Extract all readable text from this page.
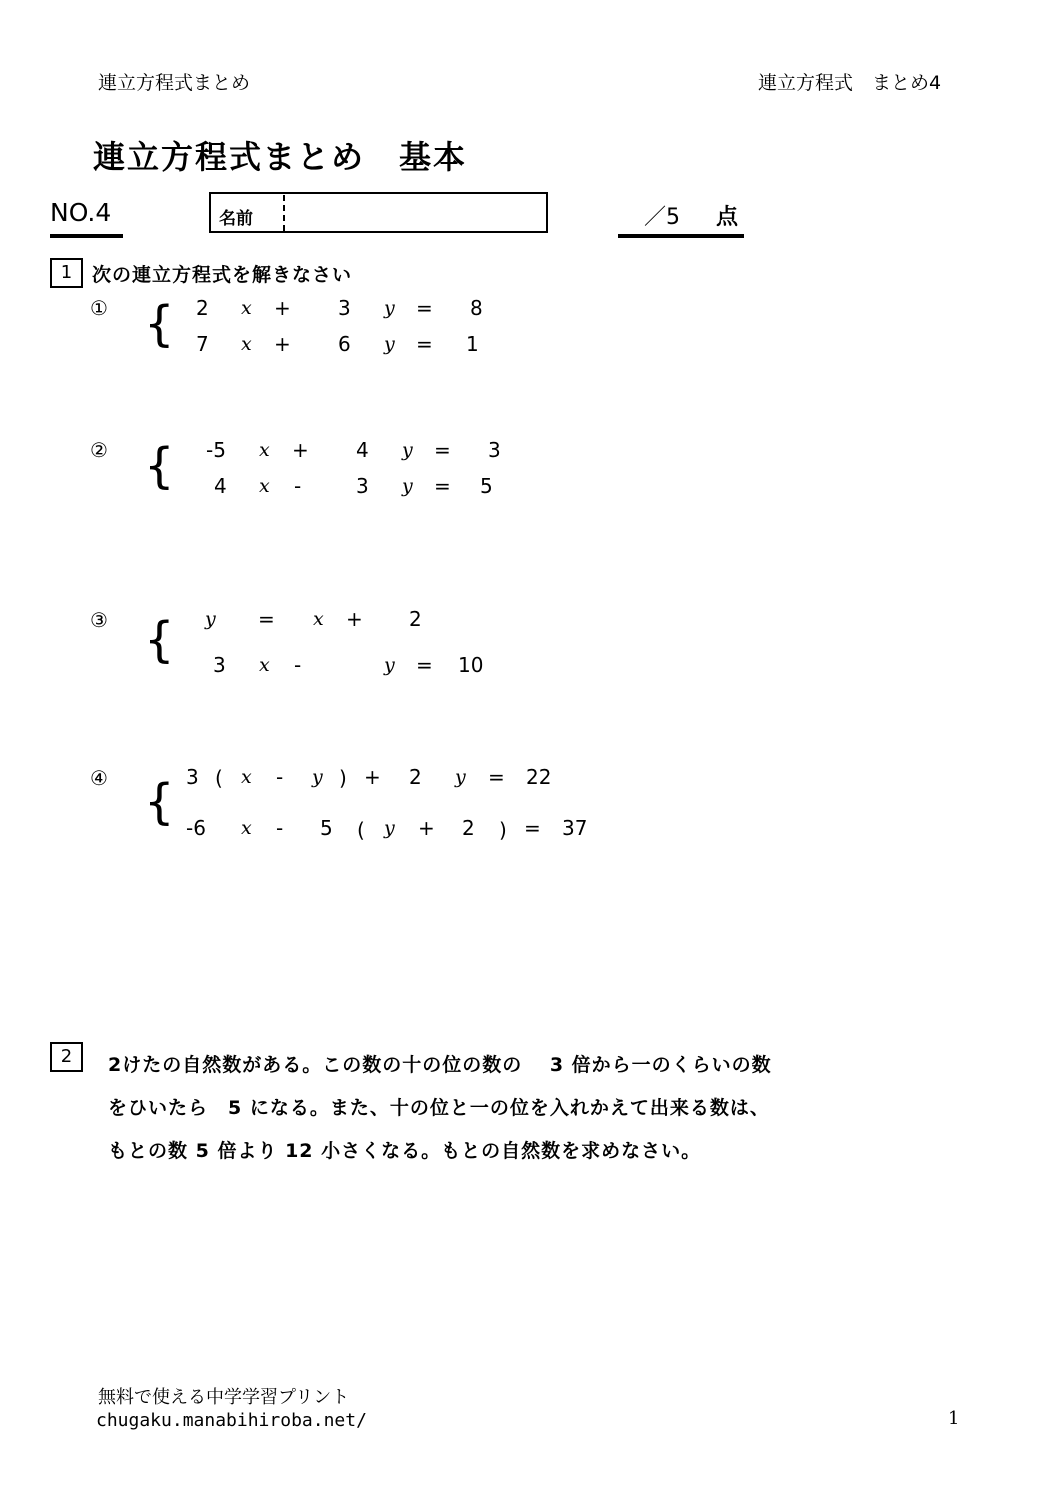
連立方程式まとめ	連立方程式　まとめ4
連立方程式まとめ　基本
NO.4	名前	／5 点
1	次の連立方程式を解きなさい
① { 2 x + 3 y = 8
7 x + 6 y = 1
② { -5 x + 4 y = 3
4 x -	3 y = 5
③ { y = x + 2
3 x -	y = 10
④ { 3 ( x - y ) + 2 y = 22
-6 x - 5 ( y + 2 ) = 37
2	2けたの自然数がある。この数の十の位の数の　 3 倍から一のくらいの数
をひいたら　5 になる。また、十の位と一の位を入れかえて出来る数は、
もとの数 5 倍より 12 小さくなる。もとの自然数を求めなさい。
無料で使える中学学習プリント
chugaku.manabihiroba.net/	1
